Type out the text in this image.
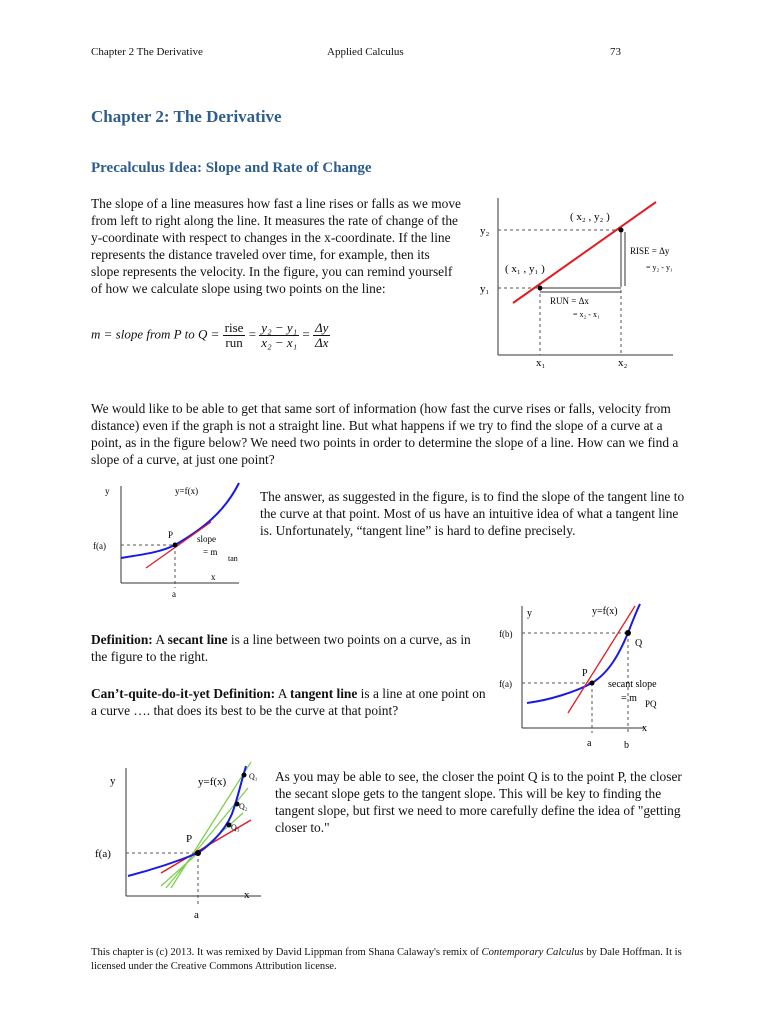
Chapter 2 The Derivative	Applied Calculus	73
Chapter 2: The Derivative
Precalculus Idea: Slope and Rate of Change

The slope of a line measures how fast a line rises or falls as we move from left to right along the line. It measures the rate of change of the y-coordinate with respect to changes in the x-coordinate. If the line represents the distance traveled over time, for example, then its slope represents the velocity. In the figure, you can remind yourself of how we calculate slope using two points on the line:

m = slope from P to $Q = \frac{\text{rise}}{\text{run}} = \frac{\text{y₂ − y₁}}{\text{x₂ − x₁}} = \frac{\Delta y}{\Delta x}$
y₂
y₁
x₁	x₂
( x₂ , y₂ )
( x₁ , y₁ )
RISE = Δy
= y₂ - y₁
RUN = Δx
= x₂ - x₁

We would like to be able to get that same sort of information (how fast the curve rises or falls, velocity from distance) even if the graph is not a straight line. But what happens if we try to find the slope of a curve at a point, as in the figure below? We need two points in order to determine the slope of a line. How can we find a slope of a curve, at just one point?

y	y=f(x)
P
f(a)
a
x
slope
= m
tan

The answer, as suggested in the figure, is to find the slope of the tangent line to the curve at that point. Most of us have an intuitive idea of what a tangent line is. Unfortunately, “tangent line” is hard to define precisely.

Definition: A secant line is a line between two points on a curve, as in the figure to the right.

Can’t-quite-do-it-yet Definition: A tangent line is a line at one point on a curve …. that does its best to be the curve at that point?

y	y=f(x)
f(b)
f(a)
P
Q
secant slope
= m PQ
a	b
x
y	y=f(x)
f(a)
P
a
x
Q₁
Q₂
Q₃

As you may be able to see, the closer the point Q is to the point P, the closer the secant slope gets to the tangent slope. This will be key to finding the tangent slope, but first we need to more carefully define the idea of "getting closer to."

This chapter is (c) 2013. It was remixed by David Lippman from Shana Calaway's remix of Contemporary Calculus by Dale Hoffman. It is licensed under the Creative Commons Attribution license.
